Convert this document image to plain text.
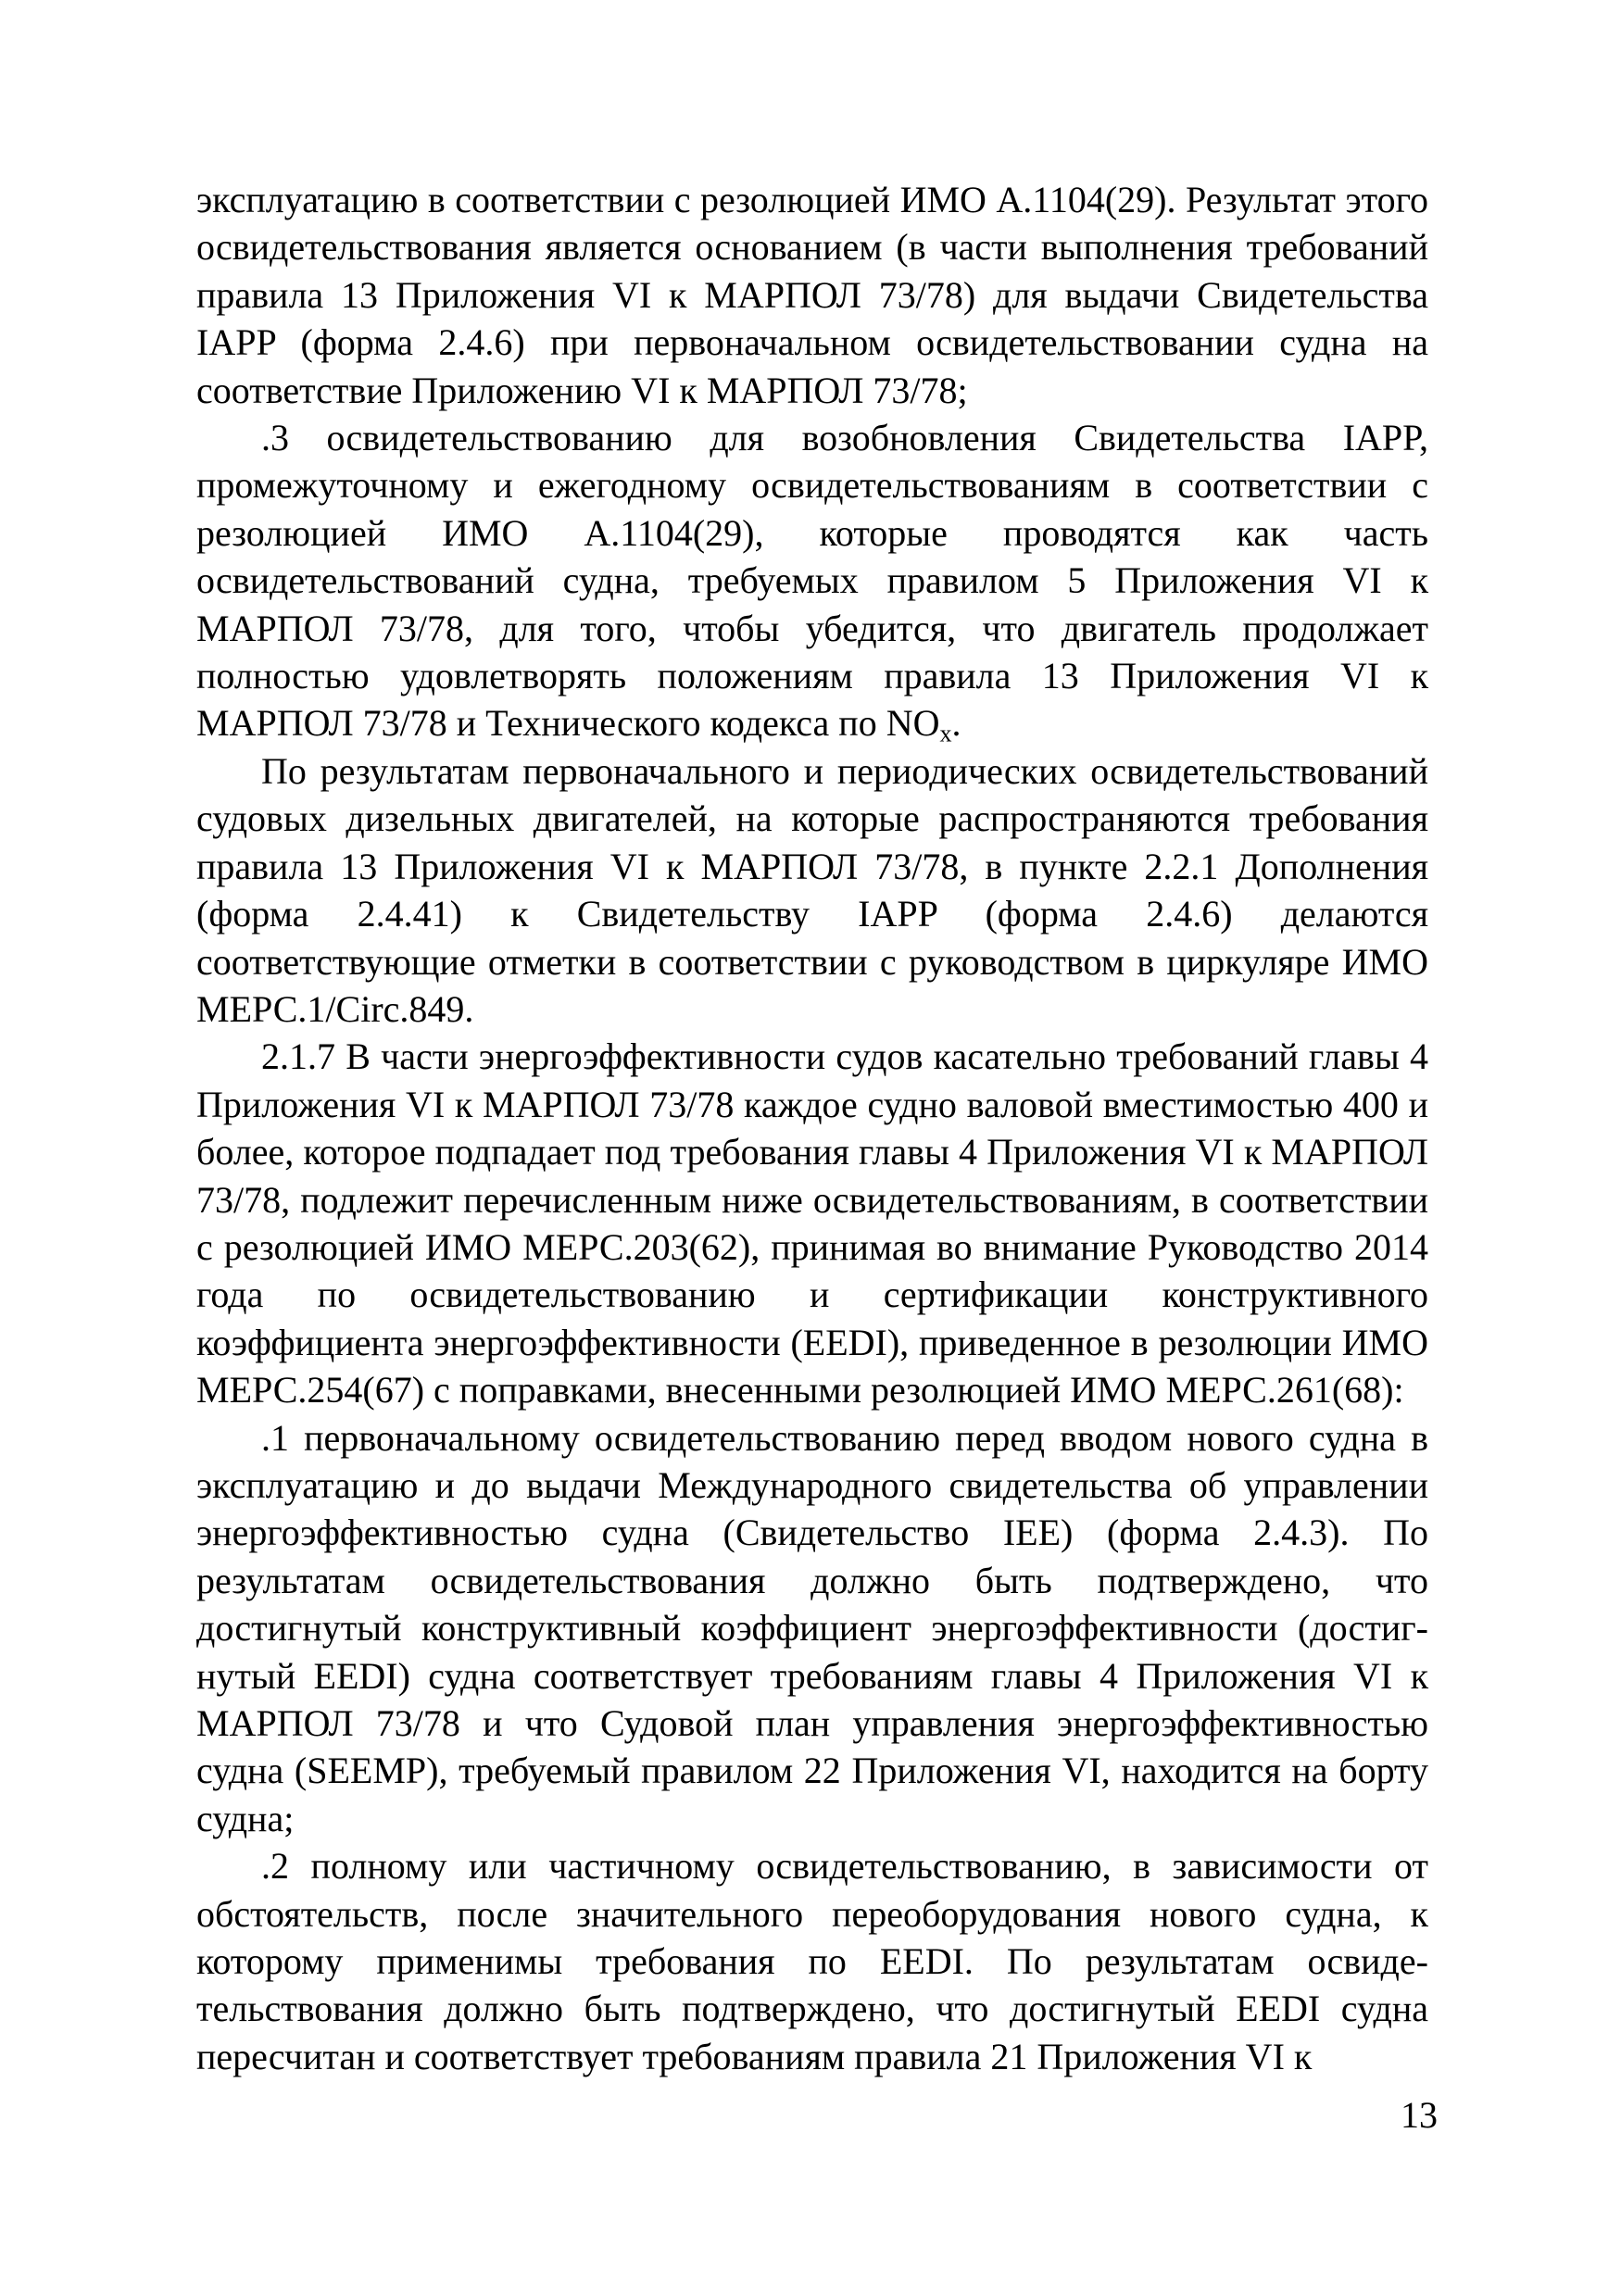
эксплуатацию в соответствии с резолюцией ИМО А.1104(29). Результат этого освидетельствования является основанием (в части выполнения требований правила 13 Приложения VI к МАРПОЛ 73/78) для выдачи Свидетельства IAPP (форма 2.4.6) при первоначальном освидетельствовании судна на соответствие Приложению VI к МАРПОЛ 73/78;

.3 освидетельствованию для возобновления Свидетельства IAPP, промежуточному и ежегодному освидетельствованиям в соответствии с резолюцией ИМО А.1104(29), которые проводятся как часть освидетельствований судна, требуемых правилом 5 Приложения VI к МАРПОЛ 73/78, для того, чтобы убедится, что двигатель продолжает полностью удовлетворять положениям правила 13 Приложения VI к МАРПОЛ 73/78 и Технического кодекса по $NO_x$.

По результатам первоначального и периодических освидетельствований судовых дизельных двигателей, на которые распространяются требования правила 13 Приложения VI к МАРПОЛ 73/78, в пункте 2.2.1 Дополнения (форма 2.4.41) к Свидетельству IAPP (форма 2.4.6) делаются соответствующие отметки в соответствии с руководством в циркуляре ИМО МЕРС.1/Circ.849.

2.1.7 В части энергоэффективности судов касательно требований главы 4 Приложения VI к МАРПОЛ 73/78 каждое судно валовой вместимостью 400 и более, которое подпадает под требования главы 4 Приложения VI к МАРПОЛ 73/78, подлежит перечисленным ниже освидетельствованиям, в соответствии с резолюцией ИМО МЕРС.203(62), принимая во внимание Руководство 2014 года по освидетельствованию и сертификации конструктивного коэффициента энергоэффективности (EEDI), приведенное в резолюции ИМО МЕРС.254(67) с поправками, внесенными резолюцией ИМО МЕРС.261(68):

.1 первоначальному освидетельствованию перед вводом нового судна в эксплуатацию и до выдачи Международного свидетельства об управлении энергоэффективностью судна (Свидетельство IEE) (форма 2.4.3). По результатам освидетельствования должно быть подтверждено, что достигнутый конструктивный коэффициент энергоэффективности (достигнутый EEDI) судна соответствует требованиям главы 4 Приложения VI к МАРПОЛ 73/78 и что Судовой план управления энергоэффективностью судна (SEEMP), требуемый правилом 22 Приложения VI, находится на борту судна;

.2 полному или частичному освидетельствованию, в зависимости от обстоятельств, после значительного переоборудования нового судна, к которому применимы требования по EEDI. По результатам освидетельствования должно быть подтверждено, что достигнутый EEDI судна пересчитан и соответствует требованиям правила 21 Приложения VI к

13
